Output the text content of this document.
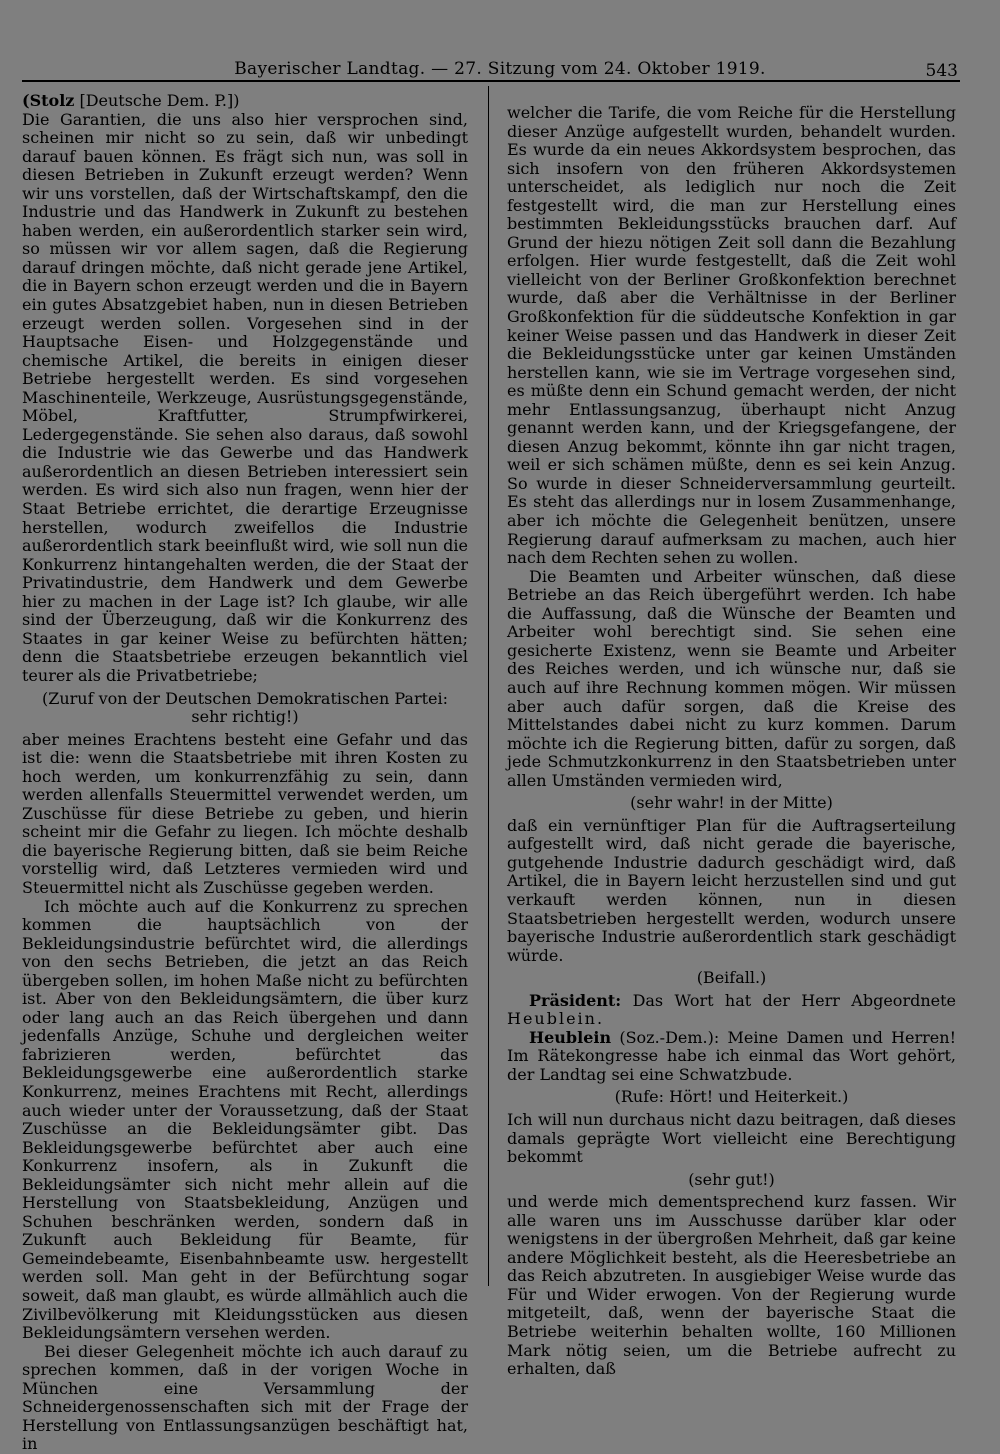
Bayerischer Landtag. — 27. Sitzung vom 24. Oktober 1919.	543

(Stolz [Deutsche Dem. P.])

Die Garantien, die uns also hier versprochen sind, scheinen mir nicht so zu sein, daß wir unbedingt darauf bauen können. Es frägt sich nun, was soll in diesen Betrieben in Zukunft erzeugt werden? Wenn wir uns vorstellen, daß der Wirtschaftskampf, den die Industrie und das Handwerk in Zukunft zu bestehen haben werden, ein außerordentlich starker sein wird, so müssen wir vor allem sagen, daß die Regierung darauf dringen möchte, daß nicht gerade jene Artikel, die in Bayern schon erzeugt werden und die in Bayern ein gutes Absatzgebiet haben, nun in diesen Betrieben erzeugt werden sollen. Vorgesehen sind in der Hauptsache Eisen- und Holzgegenstände und chemische Artikel, die bereits in einigen dieser Betriebe hergestellt werden. Es sind vorgesehen Maschinenteile, Werkzeuge, Ausrüstungsgegenstände, Möbel, Kraftfutter, Strumpfwirkerei, Ledergegenstände. Sie sehen also daraus, daß sowohl die Industrie wie das Gewerbe und das Handwerk außerordentlich an diesen Betrieben interessiert sein werden. Es wird sich also nun fragen, wenn hier der Staat Betriebe errichtet, die derartige Erzeugnisse herstellen, wodurch zweifellos die Industrie außerordentlich stark beeinflußt wird, wie soll nun die Konkurrenz hintangehalten werden, die der Staat der Privatindustrie, dem Handwerk und dem Gewerbe hier zu machen in der Lage ist? Ich glaube, wir alle sind der Überzeugung, daß wir die Konkurrenz des Staates in gar keiner Weise zu befürchten hätten; denn die Staatsbetriebe erzeugen bekanntlich viel teurer als die Privatbetriebe;

(Zuruf von der Deutschen Demokratischen Partei: sehr richtig!)

aber meines Erachtens besteht eine Gefahr und das ist die: wenn die Staatsbetriebe mit ihren Kosten zu hoch werden, um konkurrenzfähig zu sein, dann werden allenfalls Steuermittel verwendet werden, um Zuschüsse für diese Betriebe zu geben, und hierin scheint mir die Gefahr zu liegen. Ich möchte deshalb die bayerische Regierung bitten, daß sie beim Reiche vorstellig wird, daß Letzteres vermieden wird und Steuermittel nicht als Zuschüsse gegeben werden.

Ich möchte auch auf die Konkurrenz zu sprechen kommen die hauptsächlich von der Bekleidungsindustrie befürchtet wird, die allerdings von den sechs Betrieben, die jetzt an das Reich übergeben sollen, im hohen Maße nicht zu befürchten ist. Aber von den Bekleidungsämtern, die über kurz oder lang auch an das Reich übergehen und dann jedenfalls Anzüge, Schuhe und dergleichen weiter fabrizieren werden, befürchtet das Bekleidungsgewerbe eine außerordentlich starke Konkurrenz, meines Erachtens mit Recht, allerdings auch wieder unter der Voraussetzung, daß der Staat Zuschüsse an die Bekleidungsämter gibt. Das Bekleidungsgewerbe befürchtet aber auch eine Konkurrenz insofern, als in Zukunft die Bekleidungsämter sich nicht mehr allein auf die Herstellung von Staatsbekleidung, Anzügen und Schuhen beschränken werden, sondern daß in Zukunft auch Bekleidung für Beamte, für Gemeindebeamte, Eisenbahnbeamte usw. hergestellt werden soll. Man geht in der Befürchtung sogar soweit, daß man glaubt, es würde allmählich auch die Zivilbevölkerung mit Kleidungsstücken aus diesen Bekleidungsämtern versehen werden.

Bei dieser Gelegenheit möchte ich auch darauf zu sprechen kommen, daß in der vorigen Woche in München eine Versammlung der Schneidergenossenschaften sich mit der Frage der Herstellung von Entlassungsanzügen beschäftigt hat, in

welcher die Tarife, die vom Reiche für die Herstellung dieser Anzüge aufgestellt wurden, behandelt wurden. Es wurde da ein neues Akkordsystem besprochen, das sich insofern von den früheren Akkordsystemen unterscheidet, als lediglich nur noch die Zeit festgestellt wird, die man zur Herstellung eines bestimmten Bekleidungsstücks brauchen darf. Auf Grund der hiezu nötigen Zeit soll dann die Bezahlung erfolgen. Hier wurde festgestellt, daß die Zeit wohl vielleicht von der Berliner Großkonfektion berechnet wurde, daß aber die Verhältnisse in der Berliner Großkonfektion für die süddeutsche Konfektion in gar keiner Weise passen und das Handwerk in dieser Zeit die Bekleidungsstücke unter gar keinen Umständen herstellen kann, wie sie im Vertrage vorgesehen sind, es müßte denn ein Schund gemacht werden, der nicht mehr Entlassungsanzug, überhaupt nicht Anzug genannt werden kann, und der Kriegsgefangene, der diesen Anzug bekommt, könnte ihn gar nicht tragen, weil er sich schämen müßte, denn es sei kein Anzug. So wurde in dieser Schneiderversammlung geurteilt. Es steht das allerdings nur in losem Zusammenhange, aber ich möchte die Gelegenheit benützen, unsere Regierung darauf aufmerksam zu machen, auch hier nach dem Rechten sehen zu wollen.

Die Beamten und Arbeiter wünschen, daß diese Betriebe an das Reich übergeführt werden. Ich habe die Auffassung, daß die Wünsche der Beamten und Arbeiter wohl berechtigt sind. Sie sehen eine gesicherte Existenz, wenn sie Beamte und Arbeiter des Reiches werden, und ich wünsche nur, daß sie auch auf ihre Rechnung kommen mögen. Wir müssen aber auch dafür sorgen, daß die Kreise des Mittelstandes dabei nicht zu kurz kommen. Darum möchte ich die Regierung bitten, dafür zu sorgen, daß jede Schmutzkonkurrenz in den Staatsbetrieben unter allen Umständen vermieden wird,

(sehr wahr! in der Mitte)

daß ein vernünftiger Plan für die Auftragserteilung aufgestellt wird, daß nicht gerade die bayerische, gutgehende Industrie dadurch geschädigt wird, daß Artikel, die in Bayern leicht herzustellen sind und gut verkauft werden können, nun in diesen Staatsbetrieben hergestellt werden, wodurch unsere bayerische Industrie außerordentlich stark geschädigt würde.

(Beifall.)

Präsident: Das Wort hat der Herr Abgeordnete Heublein.

Heublein (Soz.-Dem.): Meine Damen und Herren! Im Rätekongresse habe ich einmal das Wort gehört, der Landtag sei eine Schwatzbude.

(Rufe: Hört! und Heiterkeit.)

Ich will nun durchaus nicht dazu beitragen, daß dieses damals geprägte Wort vielleicht eine Berechtigung bekommt

(sehr gut!)

und werde mich dementsprechend kurz fassen. Wir alle waren uns im Ausschusse darüber klar oder wenigstens in der übergroßen Mehrheit, daß gar keine andere Möglichkeit besteht, als die Heeresbetriebe an das Reich abzutreten. In ausgiebiger Weise wurde das Für und Wider erwogen. Von der Regierung wurde mitgeteilt, daß, wenn der bayerische Staat die Betriebe weiterhin behalten wollte, 160 Millionen Mark nötig seien, um die Betriebe aufrecht zu erhalten, daß
